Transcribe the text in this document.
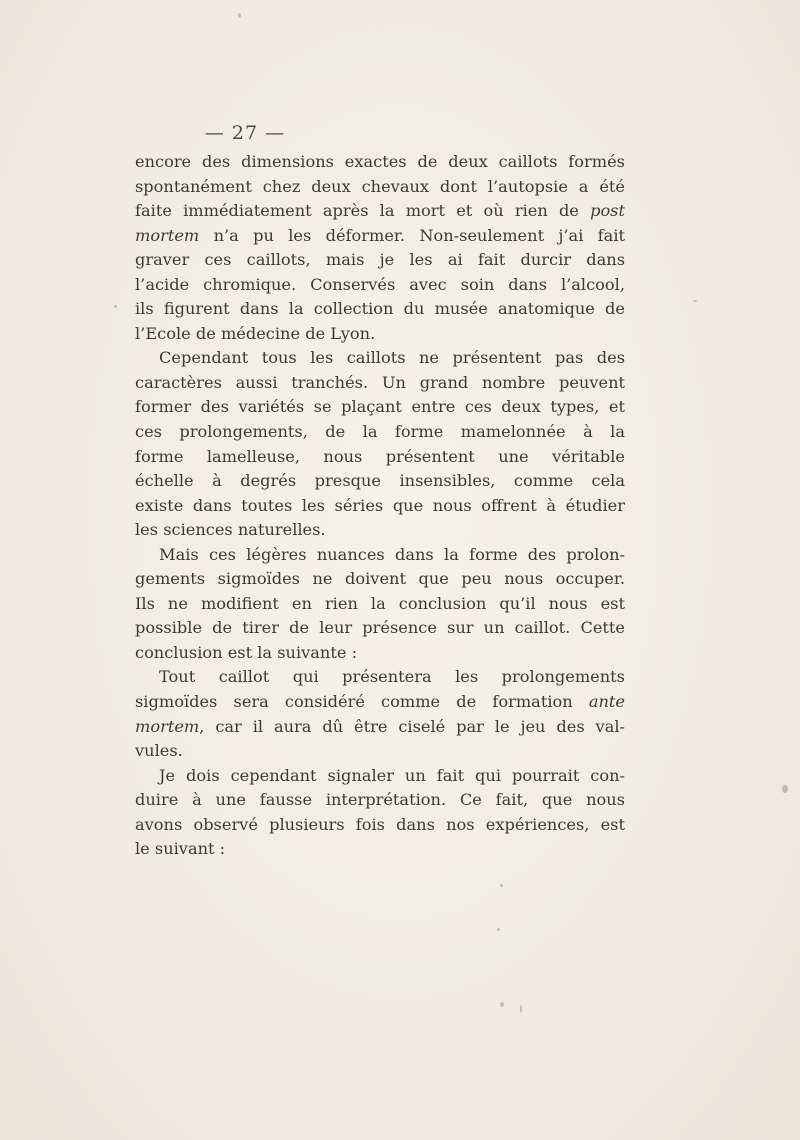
— 27 —
encore des dimensions exactes de deux caillots formés
spontanément chez deux chevaux dont l’autopsie a été
faite immédiatement après la mort et où rien de post
mortem n’a pu les déformer. Non-seulement j’ai fait
graver ces caillots, mais je les ai fait durcir dans
l’acide chromique. Conservés avec soin dans l’alcool,
ils figurent dans la collection du musée anatomique de
l’Ecole de médecine de Lyon.
Cependant tous les caillots ne présentent pas des
caractères aussi tranchés. Un grand nombre peuvent
former des variétés se plaçant entre ces deux types, et
ces prolongements, de la forme mamelonnée à la
forme lamelleuse, nous présentent une véritable
échelle à degrés presque insensibles, comme cela
existe dans toutes les séries que nous offrent à étudier
les sciences naturelles.
Mais ces légères nuances dans la forme des prolon-
gements sigmoïdes ne doivent que peu nous occuper.
Ils ne modifient en rien la conclusion qu’il nous est
possible de tirer de leur présence sur un caillot. Cette
conclusion est la suivante :
Tout caillot qui présentera les prolongements
sigmoïdes sera considéré comme de formation ante
mortem, car il aura dû être ciselé par le jeu des val-
vules.
Je dois cependant signaler un fait qui pourrait con-
duire à une fausse interprétation. Ce fait, que nous
avons observé plusieurs fois dans nos expériences, est
le suivant :
